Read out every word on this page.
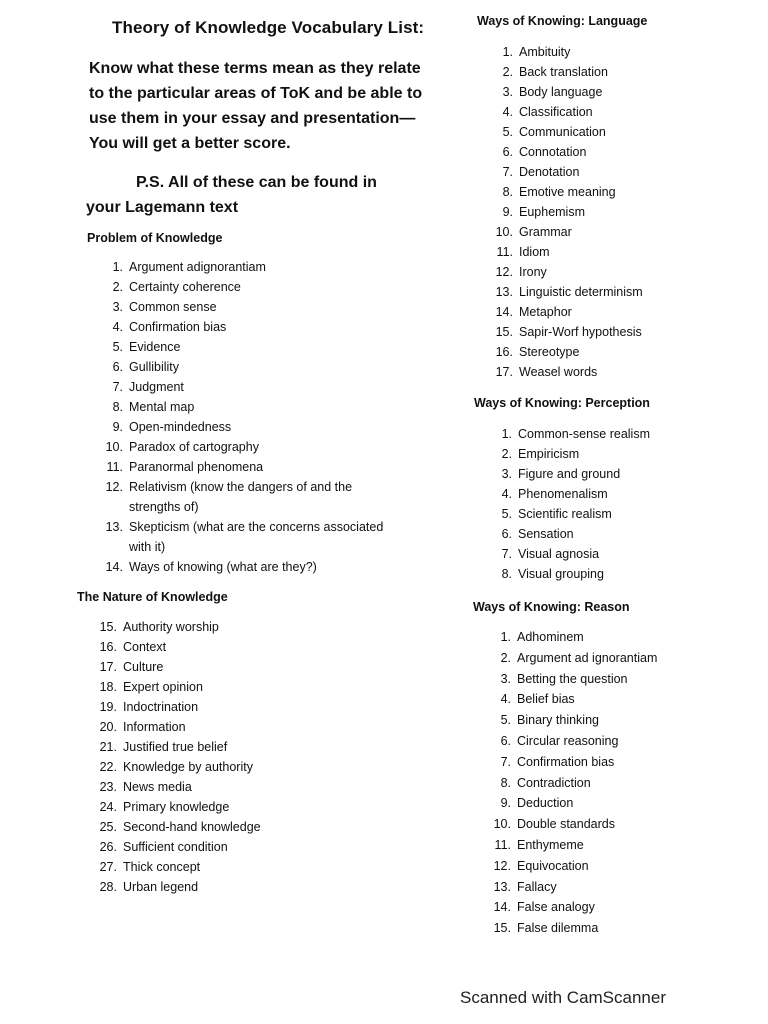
Theory of Knowledge Vocabulary List:
Know what these terms mean as they relate to the particular areas of ToK and be able to use them in your essay and presentation—You will get a better score.
P.S. All of these can be found in
your Lagemann text
Problem of Knowledge
1. Argument adignorantiam
2. Certainty coherence
3. Common sense
4. Confirmation bias
5. Evidence
6. Gullibility
7. Judgment
8. Mental map
9. Open-mindedness
10. Paradox of cartography
11. Paranormal phenomena
12. Relativism (know the dangers of and the strengths of)
13. Skepticism (what are the concerns associated with it)
14. Ways of knowing (what are they?)
The Nature of Knowledge
15. Authority worship
16. Context
17. Culture
18. Expert opinion
19. Indoctrination
20. Information
21. Justified true belief
22. Knowledge by authority
23. News media
24. Primary knowledge
25. Second-hand knowledge
26. Sufficient condition
27. Thick concept
28. Urban legend
Ways of Knowing: Language
1. Ambituity
2. Back translation
3. Body language
4. Classification
5. Communication
6. Connotation
7. Denotation
8. Emotive meaning
9. Euphemism
10. Grammar
11. Idiom
12. Irony
13. Linguistic determinism
14. Metaphor
15. Sapir-Worf hypothesis
16. Stereotype
17. Weasel words
Ways of Knowing: Perception
1. Common-sense realism
2. Empiricism
3. Figure and ground
4. Phenomenalism
5. Scientific realism
6. Sensation
7. Visual agnosia
8. Visual grouping
Ways of Knowing: Reason
1. Adhominem
2. Argument ad ignorantiam
3. Betting the question
4. Belief bias
5. Binary thinking
6. Circular reasoning
7. Confirmation bias
8. Contradiction
9. Deduction
10. Double standards
11. Enthymeme
12. Equivocation
13. Fallacy
14. False analogy
15. False dilemma
Scanned with CamScanner
